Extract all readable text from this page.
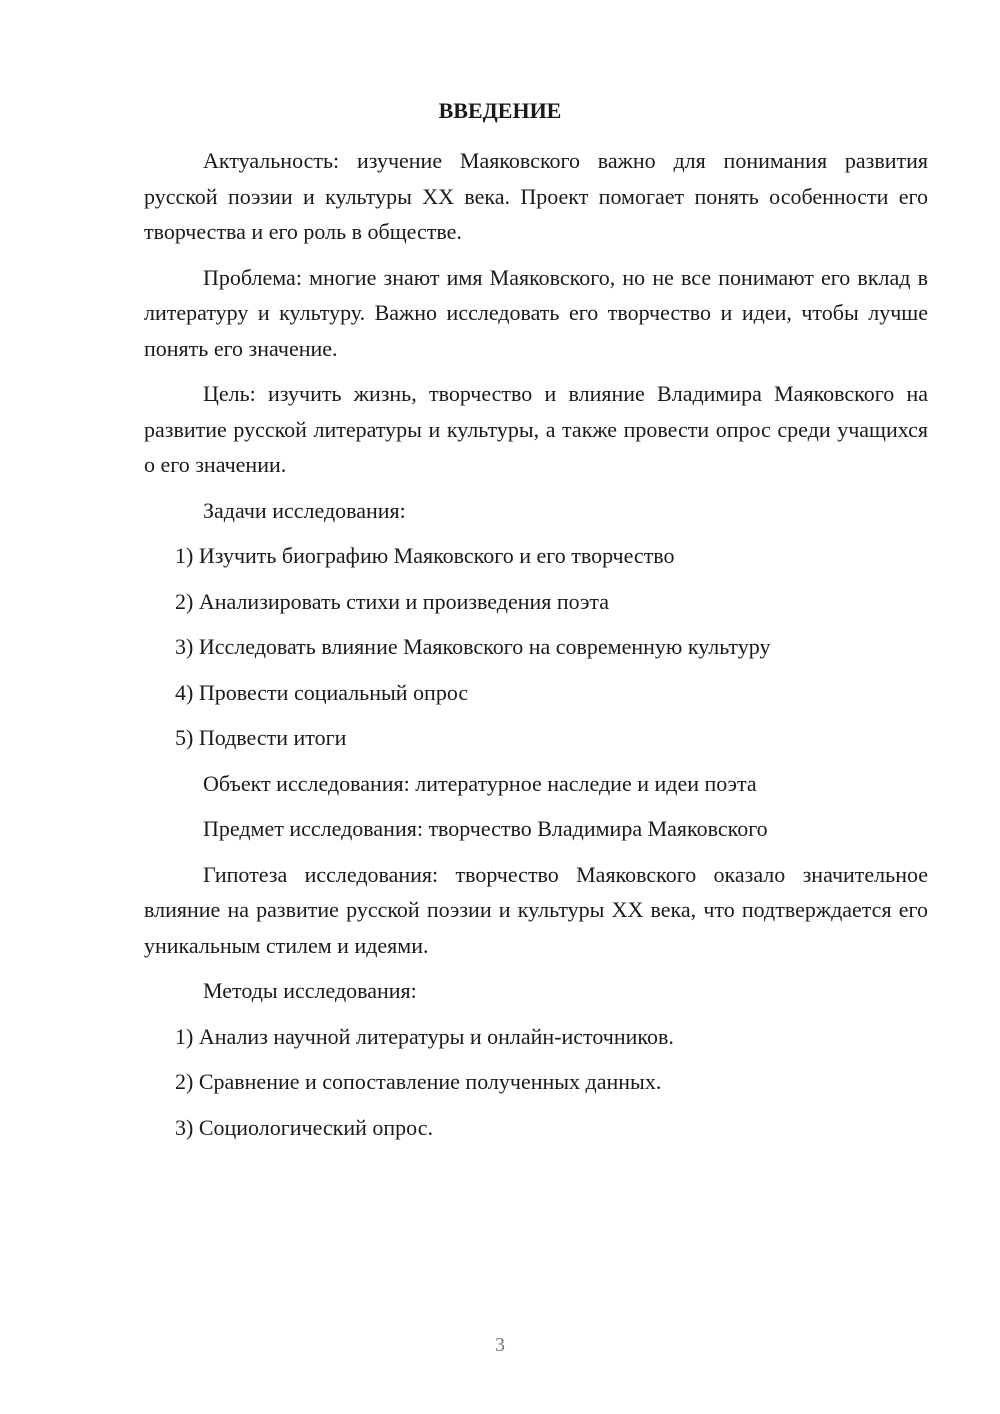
ВВЕДЕНИЕ

Актуальность: изучение Маяковского важно для понимания развития русской поэзии и культуры XX века. Проект помогает понять особенности его творчества и его роль в обществе.

Проблема: многие знают имя Маяковского, но не все понимают его вклад в литературу и культуру. Важно исследовать его творчество и идеи, чтобы лучше понять его значение.

Цель: изучить жизнь, творчество и влияние Владимира Маяковского на развитие русской литературы и культуры, а также провести опрос среди учащихся о его значении.

Задачи исследования:

1) Изучить биографию Маяковского и его творчество
2) Анализировать стихи и произведения поэта
3) Исследовать влияние Маяковского на современную культуру
4) Провести социальный опрос
5) Подвести итоги

Объект исследования: литературное наследие и идеи поэта

Предмет исследования: творчество Владимира Маяковского

Гипотеза исследования: творчество Маяковского оказало значительное влияние на развитие русской поэзии и культуры XX века, что подтверждается его уникальным стилем и идеями.

Методы исследования:

1) Анализ научной литературы и онлайн-источников.
2) Сравнение и сопоставление полученных данных.
3) Социологический опрос.
3
